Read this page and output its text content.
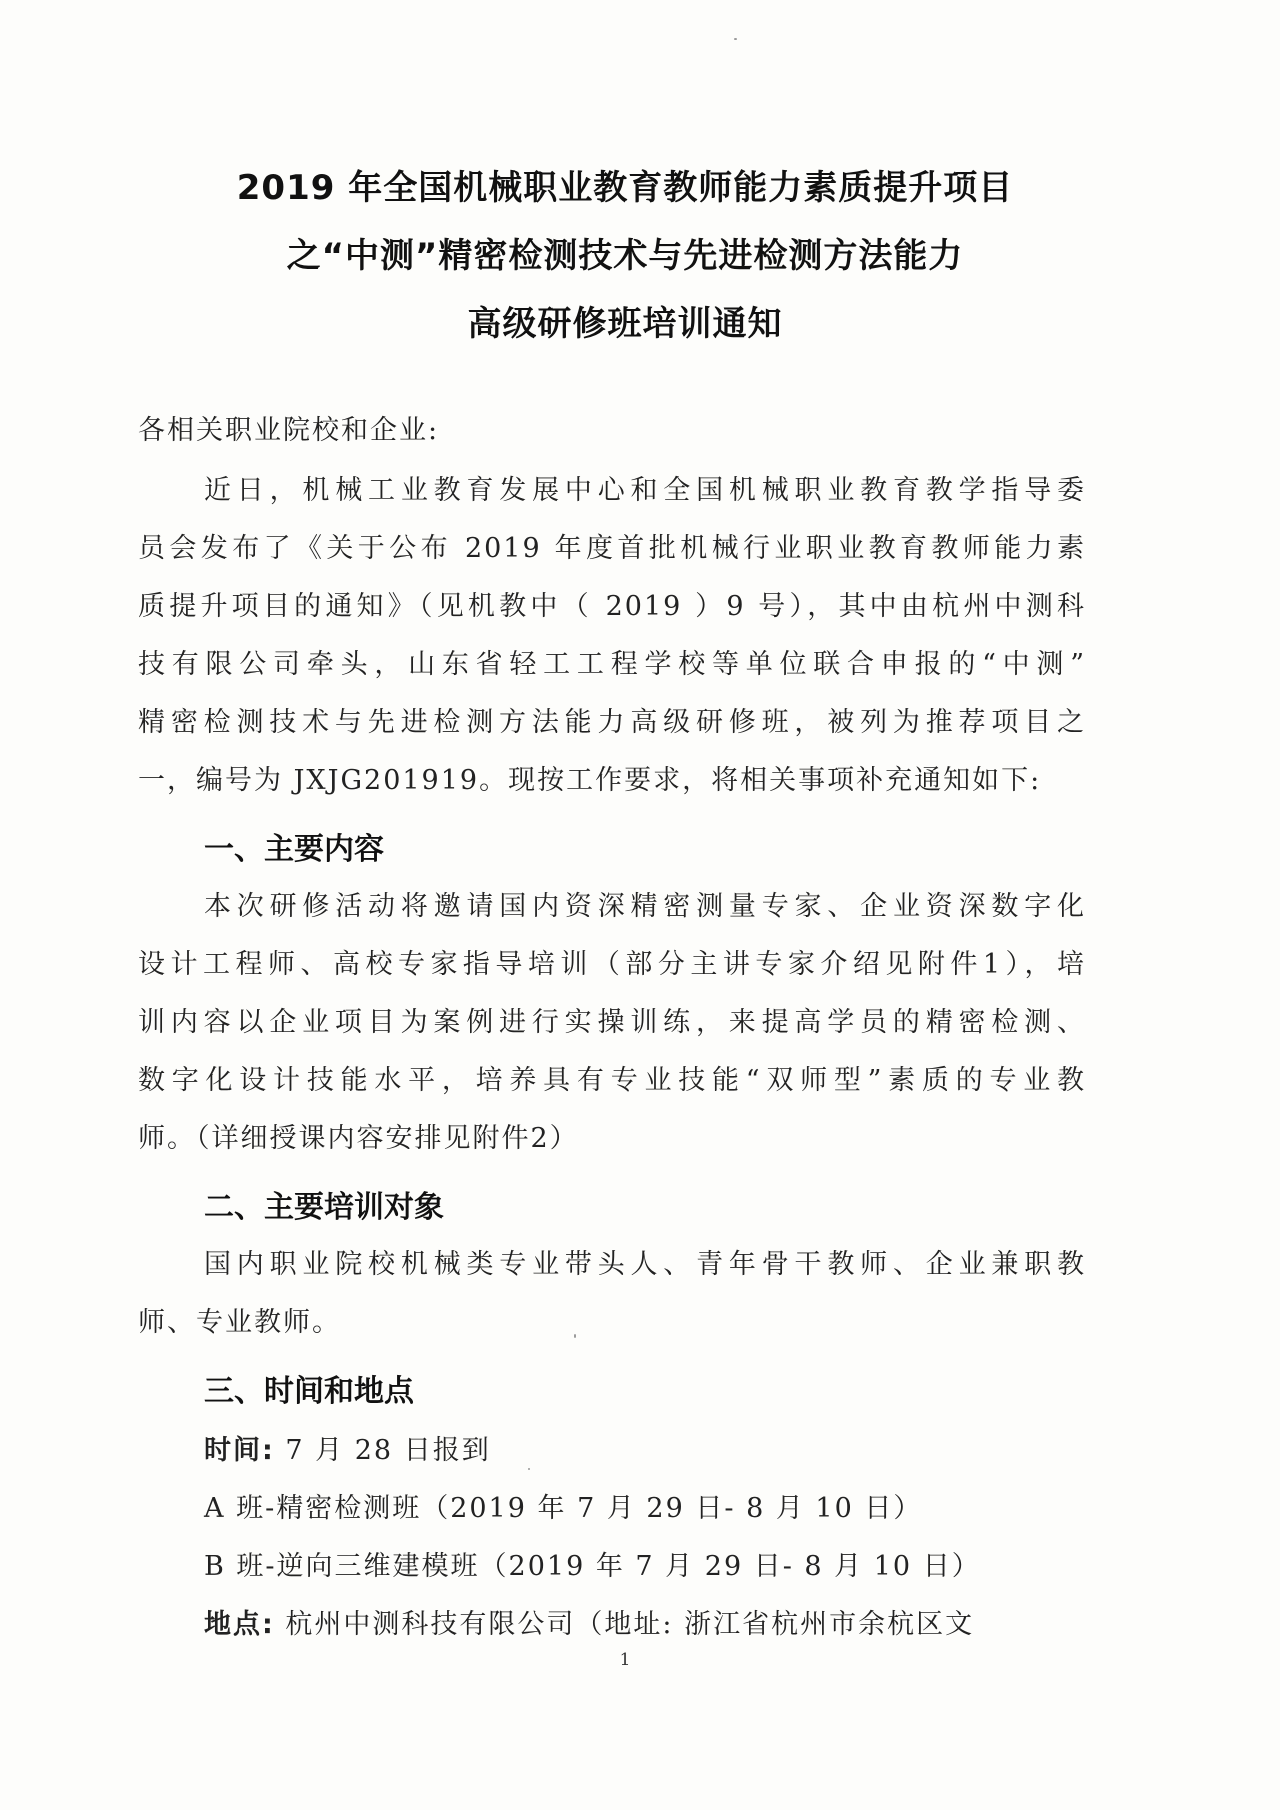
2019 年全国机械职业教育教师能力素质提升项目
之“中测”精密检测技术与先进检测方法能力
高级研修班培训通知
各相关职业院校和企业:
近日，机械工业教育发展中心和全国机械职业教育教学指导委
员会发布了《关于公布 2019 年度首批机械行业职业教育教师能力素
质提升项目的通知》（见机教中（ 2019 ）9 号），其中由杭州中测科
技有限公司牵头，山东省轻工工程学校等单位联合申报的“中测”
精密检测技术与先进检测方法能力高级研修班，被列为推荐项目之
一，编号为 JXJG201919。现按工作要求，将相关事项补充通知如下:
一、主要内容
本次研修活动将邀请国内资深精密测量专家、企业资深数字化
设计工程师、高校专家指导培训（部分主讲专家介绍见附件1），培
训内容以企业项目为案例进行实操训练，来提高学员的精密检测、
数字化设计技能水平，培养具有专业技能“双师型”素质的专业教
师。（详细授课内容安排见附件2）
二、主要培训对象
国内职业院校机械类专业带头人、青年骨干教师、企业兼职教
师、专业教师。
三、时间和地点
时间: 7 月 28 日报到
A 班-精密检测班（2019 年 7 月 29 日- 8 月 10 日）
B 班-逆向三维建模班（2019 年 7 月 29 日- 8 月 10 日）
地点: 杭州中测科技有限公司（地址: 浙江省杭州市余杭区文
1
